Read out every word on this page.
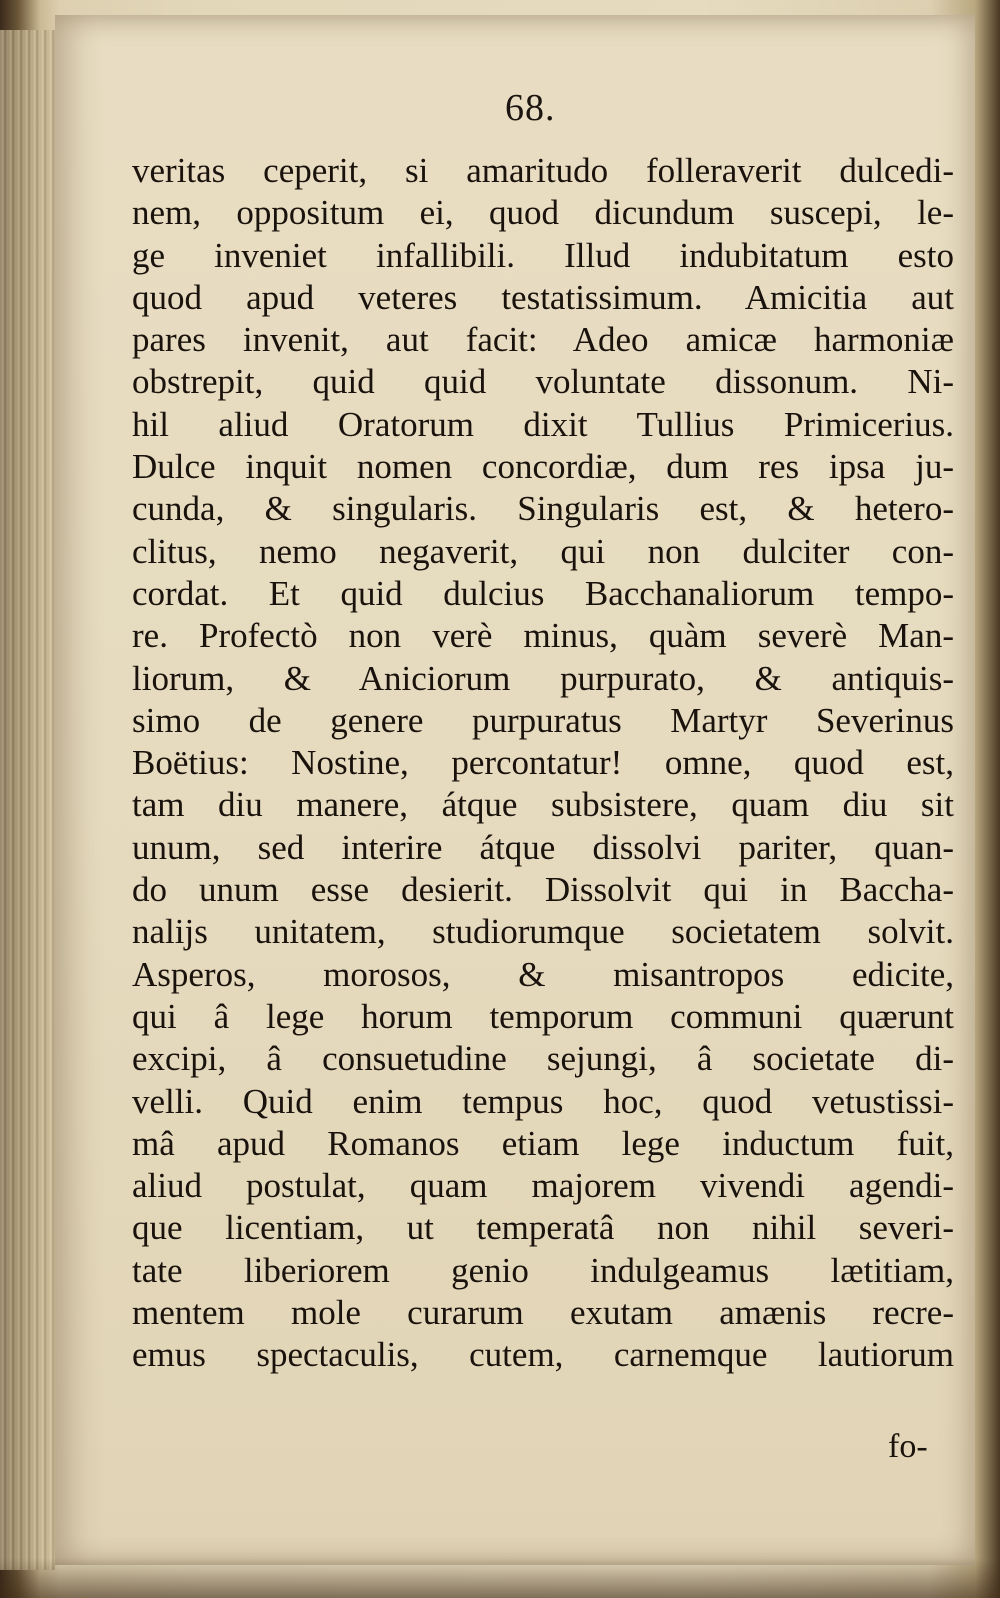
68.
veritas ceperit, si amaritudo folleraverit dulcedi-
nem, oppositum ei, quod dicundum suscepi, le-
ge inveniet infallibili. Illud indubitatum esto
quod apud veteres testatissimum. Amicitia aut
pares invenit, aut facit: Adeo amicæ harmoniæ
obstrepit, quid quid voluntate dissonum. Ni-
hil aliud Oratorum dixit Tullius Primicerius.
Dulce inquit nomen concordiæ, dum res ipsa ju-
cunda, & singularis. Singularis est, & hetero-
clitus, nemo negaverit, qui non dulciter con-
cordat. Et quid dulcius Bacchanaliorum tempo-
re. Profectò non verè minus, quàm severè Man-
liorum, & Aniciorum purpurato, & antiquis-
simo de genere purpuratus Martyr Severinus
Boëtius: Nostine, percontatur! omne, quod est,
tam diu manere, átque subsistere, quam diu sit
unum, sed interire átque dissolvi pariter, quan-
do unum esse desierit. Dissolvit qui in Baccha-
nalijs unitatem, studiorumque societatem solvit.
Asperos, morosos, & misantropos edicite,
qui â lege horum temporum communi quærunt
excipi, â consuetudine sejungi, â societate di-
velli. Quid enim tempus hoc, quod vetustissi-
mâ apud Romanos etiam lege inductum fuit,
aliud postulat, quam majorem vivendi agendi-
que licentiam, ut temperatâ non nihil severi-
tate liberiorem genio indulgeamus lætitiam,
mentem mole curarum exutam amænis recre-
emus spectaculis, cutem, carnemque lautiorum
fo-
